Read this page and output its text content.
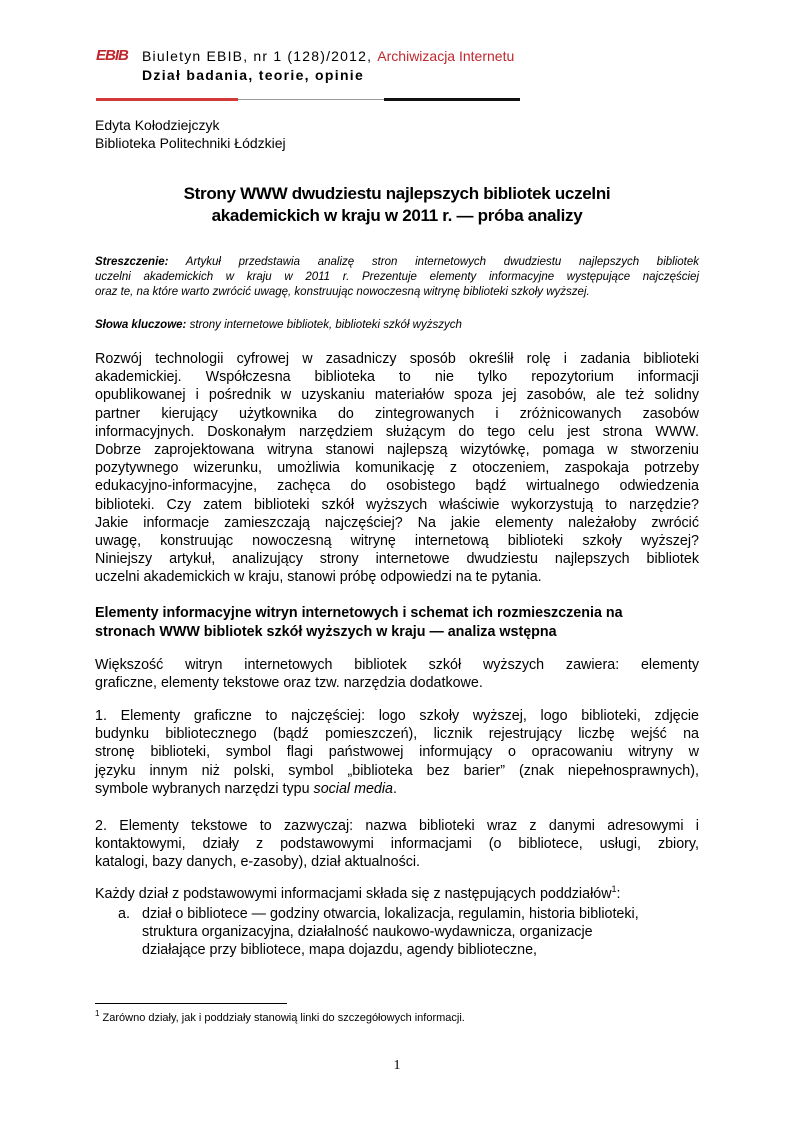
EBIB Biuletyn EBIB, nr 1 (128)/2012, Archiwizacja Internetu
Dział badania, teorie, opinie
Edyta Kołodziejczyk
Biblioteka Politechniki Łódzkiej
Strony WWW dwudziestu najlepszych bibliotek uczelni
akademickich w kraju w 2011 r. — próba analizy
Streszczenie: Artykuł przedstawia analizę stron internetowych dwudziestu najlepszych bibliotek
uczelni akademickich w kraju w 2011 r. Prezentuje elementy informacyjne występujące najczęściej
oraz te, na które warto zwrócić uwagę, konstruując nowoczesną witrynę biblioteki szkoły wyższej.
Słowa kluczowe: strony internetowe bibliotek, biblioteki szkół wyższych
Rozwój technologii cyfrowej w zasadniczy sposób określił rolę i zadania biblioteki
akademickiej. Współczesna biblioteka to nie tylko repozytorium informacji
opublikowanej i pośrednik w uzyskaniu materiałów spoza jej zasobów, ale też solidny
partner kierujący użytkownika do zintegrowanych i zróżnicowanych zasobów
informacyjnych. Doskonałym narzędziem służącym do tego celu jest strona WWW.
Dobrze zaprojektowana witryna stanowi najlepszą wizytówkę, pomaga w stworzeniu
pozytywnego wizerunku, umożliwia komunikację z otoczeniem, zaspokaja potrzeby
edukacyjno-informacyjne, zachęca do osobistego bądź wirtualnego odwiedzenia
biblioteki. Czy zatem biblioteki szkół wyższych właściwie wykorzystują to narzędzie?
Jakie informacje zamieszczają najczęściej? Na jakie elementy należałoby zwrócić
uwagę, konstruując nowoczesną witrynę internetową biblioteki szkoły wyższej?
Niniejszy artykuł, analizujący strony internetowe dwudziestu najlepszych bibliotek
uczelni akademickich w kraju, stanowi próbę odpowiedzi na te pytania.
Elementy informacyjne witryn internetowych i schemat ich rozmieszczenia na
stronach WWW bibliotek szkół wyższych w kraju — analiza wstępna
Większość witryn internetowych bibliotek szkół wyższych zawiera: elementy
graficzne, elementy tekstowe oraz tzw. narzędzia dodatkowe.
1. Elementy graficzne to najczęściej: logo szkoły wyższej, logo biblioteki, zdjęcie
budynku bibliotecznego (bądź pomieszczeń), licznik rejestrujący liczbę wejść na
stronę biblioteki, symbol flagi państwowej informujący o opracowaniu witryny w
języku innym niż polski, symbol „biblioteka bez barier” (znak niepełnosprawnych),
symbole wybranych narzędzi typu social media.
2. Elementy tekstowe to zazwyczaj: nazwa biblioteki wraz z danymi adresowymi i
kontaktowymi, działy z podstawowymi informacjami (o bibliotece, usługi, zbiory,
katalogi, bazy danych, e-zasoby), dział aktualności.
Każdy dział z podstawowymi informacjami składa się z następujących poddziałów$^1$:
a. dział o bibliotece — godziny otwarcia, lokalizacja, regulamin, historia biblioteki,
struktura organizacyjna, działalność naukowo-wydawnicza, organizacje
działające przy bibliotece, mapa dojazdu, agendy biblioteczne,
$^1$ Zarówno działy, jak i poddziały stanowią linki do szczegółowych informacji.
1
